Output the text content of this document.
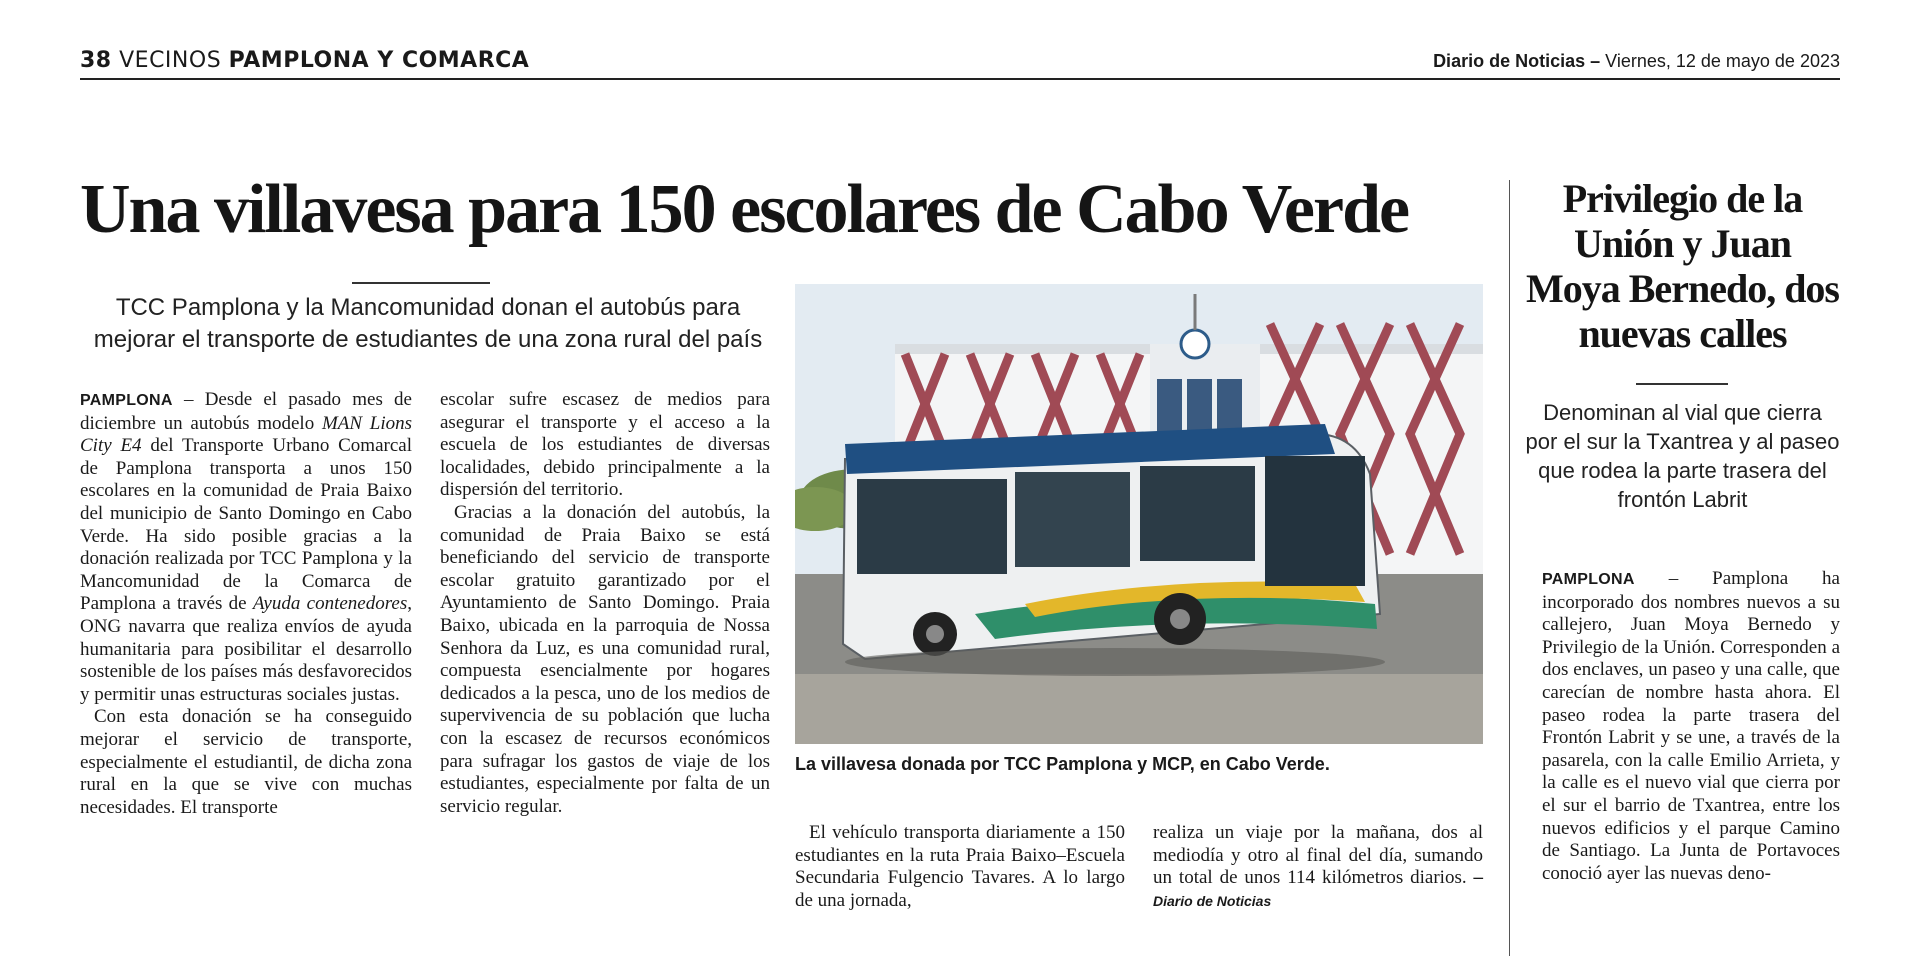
38 VECINOS PAMPLONA Y COMARCA	Diario de Noticias – Viernes, 12 de mayo de 2023
Una villavesa para 150 escolares de Cabo Verde
TCC Pamplona y la Mancomunidad donan el autobús para mejorar el transporte de estudiantes de una zona rural del país

PAMPLONA – Desde el pasado mes de diciembre un autobús modelo MAN Lions City E4 del Transporte Urbano Comarcal de Pamplona transporta a unos 150 escolares en la comunidad de Praia Baixo del municipio de Santo Domingo en Cabo Verde. Ha sido posible gracias a la donación realizada por TCC Pamplona y la Mancomunidad de la Comarca de Pamplona a través de Ayuda contenedores, ONG navarra que realiza envíos de ayuda humanitaria para posibilitar el desarrollo sostenible de los países más desfavorecidos y permitir unas estructuras sociales justas.

Con esta donación se ha conseguido mejorar el servicio de transporte, especialmente el estudiantil, de dicha zona rural en la que se vive con muchas necesidades. El transporte

escolar sufre escasez de medios para asegurar el transporte y el acceso a la escuela de los estudiantes de diversas localidades, debido principalmente a la dispersión del territorio.

Gracias a la donación del autobús, la comunidad de Praia Baixo se está beneficiando del servicio de transporte escolar gratuito garantizado por el Ayuntamiento de Santo Domingo. Praia Baixo, ubicada en la parroquia de Nossa Senhora da Luz, es una comunidad rural, compuesta esencialmente por hogares dedicados a la pesca, uno de los medios de supervivencia de su población que lucha con la escasez de recursos económicos para sufragar los gastos de viaje de los estudiantes, especialmente por falta de un servicio regular.

La villavesa donada por TCC Pamplona y MCP, en Cabo Verde.

El vehículo transporta diariamente a 150 estudiantes en la ruta Praia Baixo–Escuela Secundaria Fulgencio Tavares. A lo largo de una jornada,

realiza un viaje por la mañana, dos al mediodía y otro al final del día, sumando un total de unos 114 kilómetros diarios. – Diario de Noticias

Privilegio de la Unión y Juan Moya Bernedo, dos nuevas calles
Denominan al vial que cierra por el sur la Txantrea y al paseo que rodea la parte trasera del frontón Labrit

PAMPLONA – Pamplona ha incorporado dos nombres nuevos a su callejero, Juan Moya Bernedo y Privilegio de la Unión. Corresponden a dos enclaves, un paseo y una calle, que carecían de nombre hasta ahora. El paseo rodea la parte trasera del Frontón Labrit y se une, a través de la pasarela, con la calle Emilio Arrieta, y la calle es el nuevo vial que cierra por el sur el barrio de Txantrea, entre los nuevos edificios y el parque Camino de Santiago. La Junta de Portavoces conoció ayer las nuevas deno-
